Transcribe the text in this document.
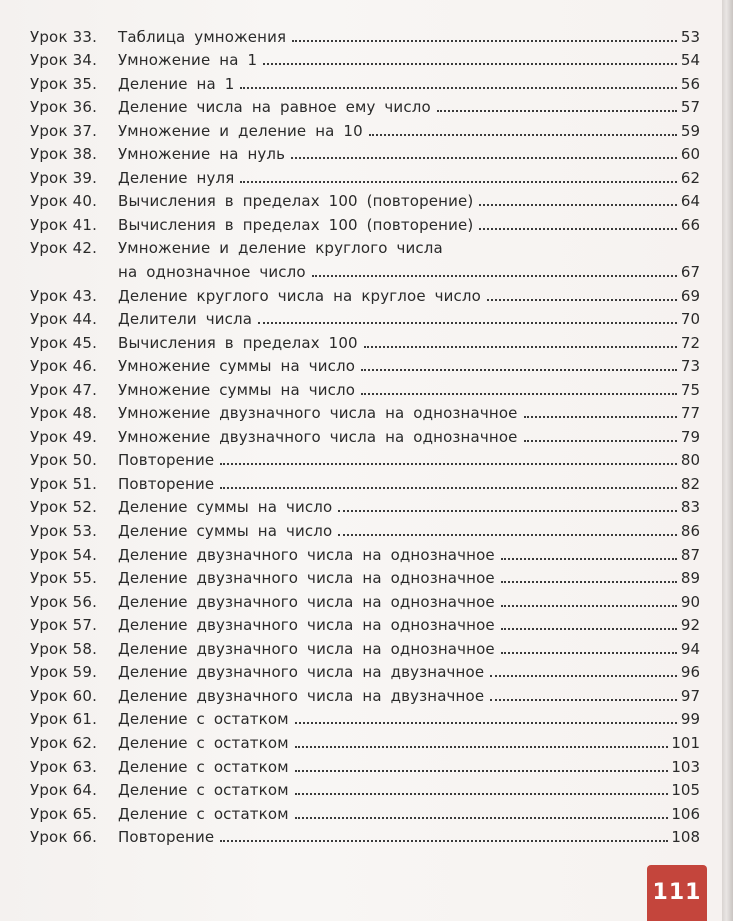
Урок 33.	Таблица умножения	53
Урок 34.	Умножение на 1	54
Урок 35.	Деление на 1	56
Урок 36.	Деление числа на равное ему число	57
Урок 37.	Умножение и деление на 10	59
Урок 38.	Умножение на нуль	60
Урок 39.	Деление нуля	62
Урок 40.	Вычисления в пределах 100 (повторение)	64
Урок 41.	Вычисления в пределах 100 (повторение)	66
Урок 42.	Умножение и деление круглого числа
на однозначное число	67
Урок 43.	Деление круглого числа на круглое число	69
Урок 44.	Делители числа	70
Урок 45.	Вычисления в пределах 100	72
Урок 46.	Умножение суммы на число	73
Урок 47.	Умножение суммы на число	75
Урок 48.	Умножение двузначного числа на однозначное	77
Урок 49.	Умножение двузначного числа на однозначное	79
Урок 50.	Повторение	80
Урок 51.	Повторение	82
Урок 52.	Деление суммы на число	83
Урок 53.	Деление суммы на число	86
Урок 54.	Деление двузначного числа на однозначное	87
Урок 55.	Деление двузначного числа на однозначное	89
Урок 56.	Деление двузначного числа на однозначное	90
Урок 57.	Деление двузначного числа на однозначное	92
Урок 58.	Деление двузначного числа на однозначное	94
Урок 59.	Деление двузначного числа на двузначное	96
Урок 60.	Деление двузначного числа на двузначное	97
Урок 61.	Деление с остатком	99
Урок 62.	Деление с остатком	101
Урок 63.	Деление с остатком	103
Урок 64.	Деление с остатком	105
Урок 65.	Деление с остатком	106
Урок 66.	Повторение	108
111
